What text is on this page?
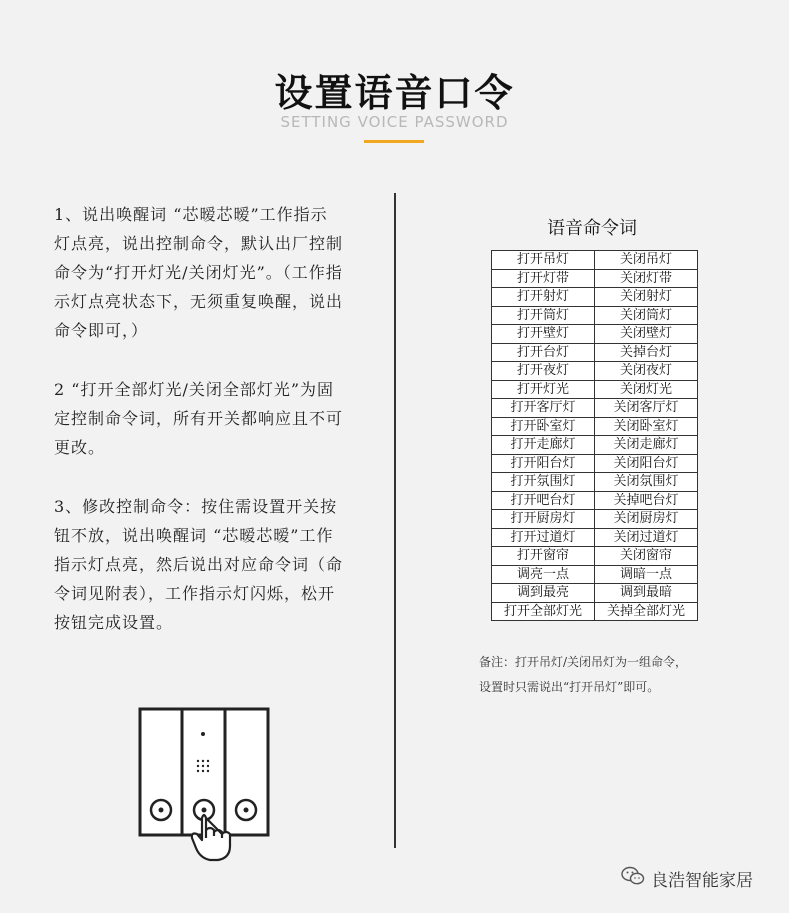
设置语音口令
SETTING VOICE PASSWORD

1、说出唤醒词 “芯暧芯暧”工作指示灯点亮，说出控制命令，默认出厂控制命令为“打开灯光/关闭灯光”。（工作指示灯点亮状态下，无须重复唤醒，说出命令即可，）

2 “打开全部灯光/关闭全部灯光”为固定控制命令词，所有开关都响应且不可更改。

3、修改控制命令：按住需设置开关按钮不放，说出唤醒词 “芯暧芯暧”工作指示灯点亮，然后说出对应命令词（命令词见附表），工作指示灯闪烁，松开按钮完成设置。

语音命令词
打开吊灯	关闭吊灯
打开灯带	关闭灯带
打开射灯	关闭射灯
打开筒灯	关闭筒灯
打开壁灯	关闭壁灯
打开台灯	关掉台灯
打开夜灯	关闭夜灯
打开灯光	关闭灯光
打开客厅灯	关闭客厅灯
打开卧室灯	关闭卧室灯
打开走廊灯	关闭走廊灯
打开阳台灯	关闭阳台灯
打开氛围灯	关闭氛围灯
打开吧台灯	关掉吧台灯
打开厨房灯	关闭厨房灯
打开过道灯	关闭过道灯
打开窗帘	关闭窗帘
调亮一点	调暗一点
调到最亮	调到最暗
打开全部灯光	关掉全部灯光
备注：打开吊灯/关闭吊灯为一组命令，
设置时只需说出“打开吊灯”即可。
良浩智能家居
